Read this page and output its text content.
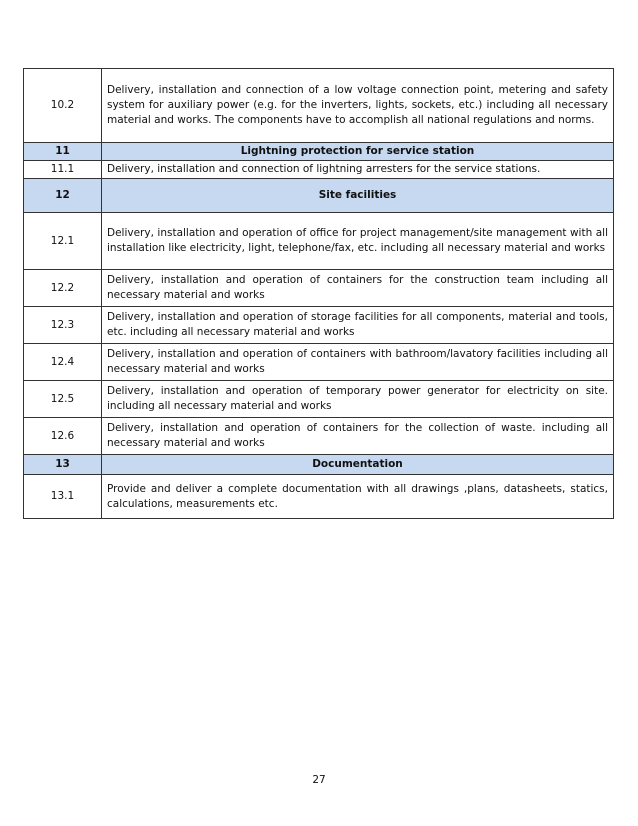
10.2	Delivery, installation and connection of a low voltage connection point, metering and safety system for auxiliary power (e.g. for the inverters, lights, sockets, etc.) including all necessary material and works. The components have to accomplish all national regulations and norms.
11	Lightning protection for service station
11.1	Delivery, installation and connection of lightning arresters for the service stations.
12	Site facilities
12.1	Delivery, installation and operation of office for project management/site management with all installation like electricity, light, telephone/fax, etc. including all necessary material and works
12.2	Delivery, installation and operation of containers for the construction team including all necessary material and works
12.3	Delivery, installation and operation of storage facilities for all components, material and tools, etc. including all necessary material and works
12.4	Delivery, installation and operation of containers with bathroom/lavatory facilities including all necessary material and works
12.5	Delivery, installation and operation of temporary power generator for electricity on site. including all necessary material and works
12.6	Delivery, installation and operation of containers for the collection of waste. including all necessary material and works
13	Documentation
13.1	Provide and deliver a complete documentation with all drawings ,plans, datasheets, statics, calculations, measurements etc.
27
